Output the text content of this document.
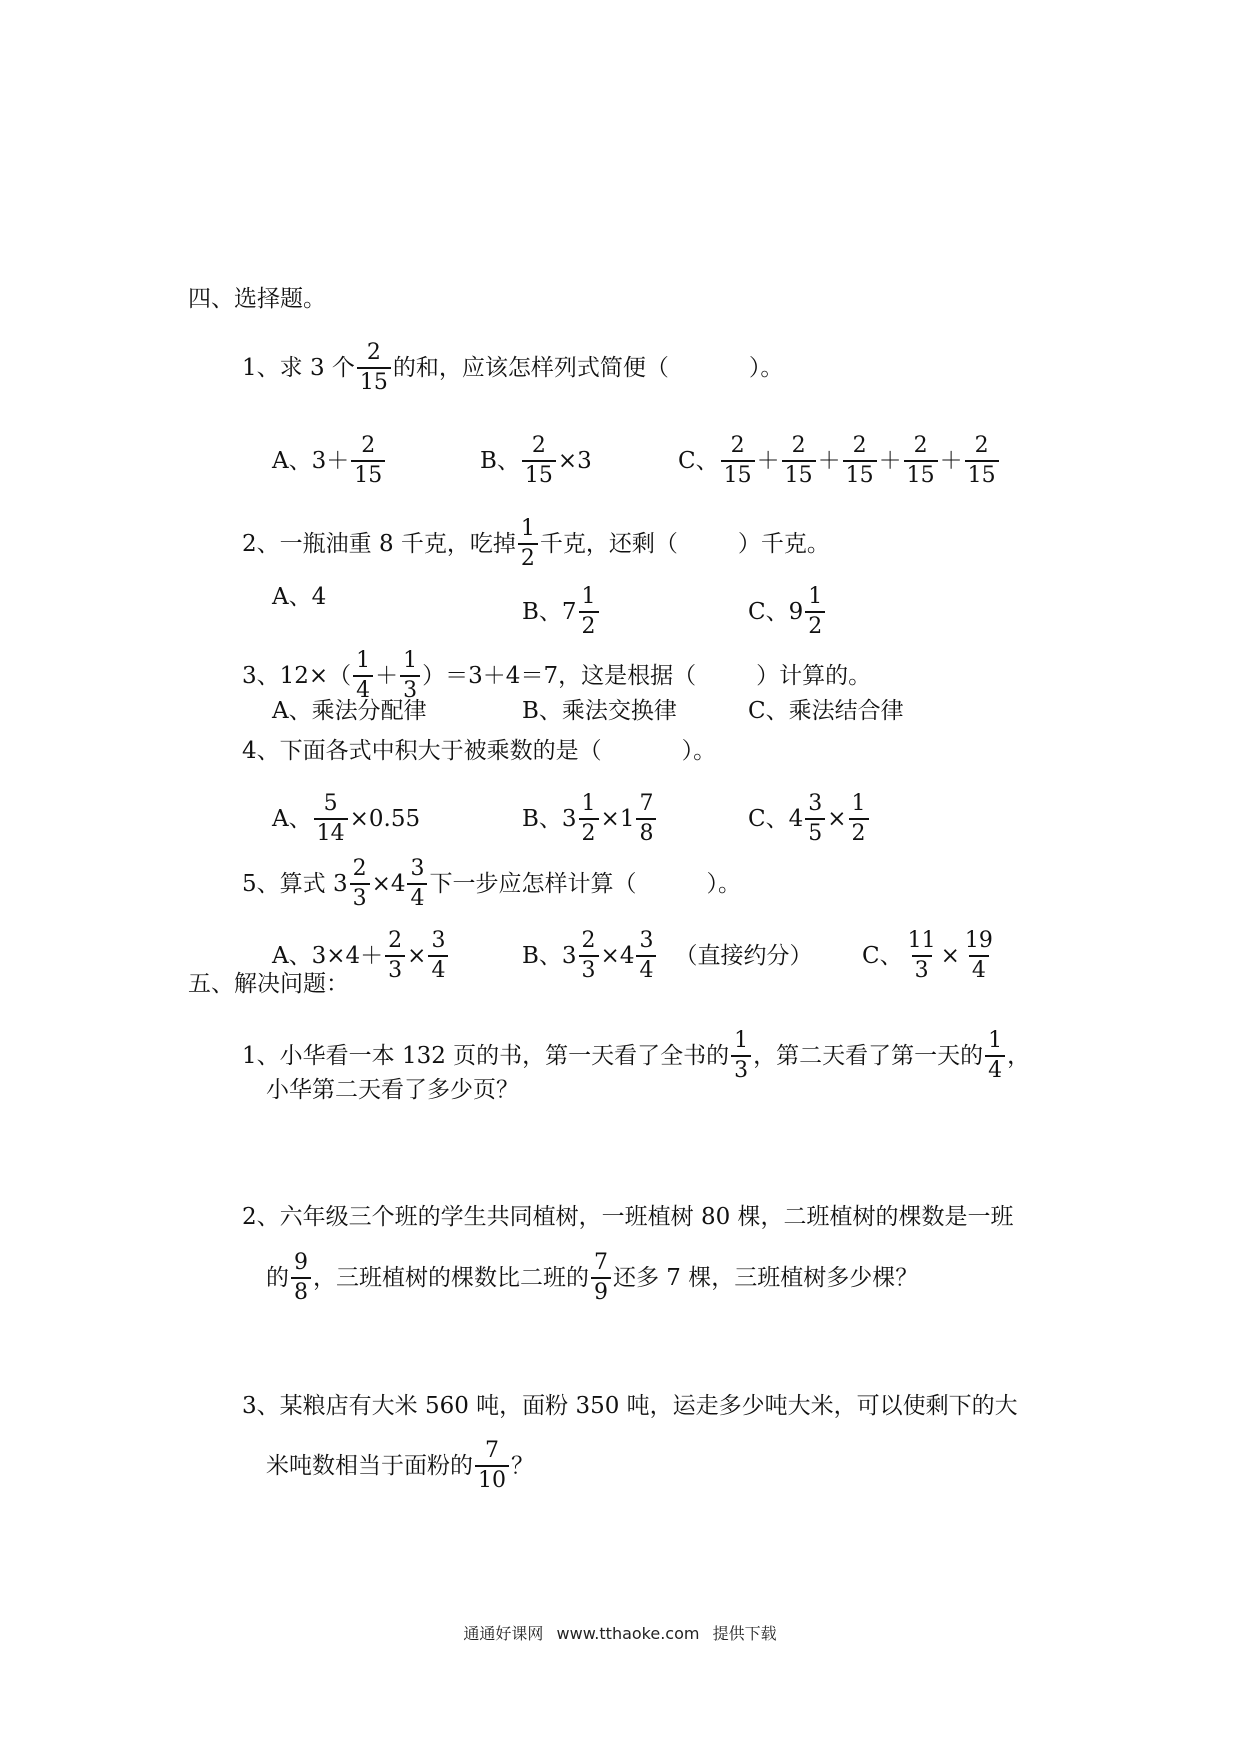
四、选择题。
1、求 3 个 $\frac{2}{15}$ 的和，应该怎样列式简便（	）。
A、 $3+ \frac{2}{15}$	B、 $\frac{2}{15} \times 3$	C、 $\frac{2}{15} + \frac{2}{15} + \frac{2}{15} + \frac{2}{15} + \frac{2}{15}$
2、一瓶油重 8 千克，吃掉 $\frac{1}{2}$ 千克，还剩（	）千克。
A、4
B、$7 \frac{1}{2}$	C、$9 \frac{1}{2}$
3、$12\times( \frac{1}{4} + \frac{1}{3} )=3+4=7$，这是根据（	）计算的。
A、乘法分配律	B、乘法交换律	C、乘法结合律
4、下面各式中积大于被乘数的是（	）。
A、 $\frac{5}{14} \times 0.55$	B、$3 \frac{1}{2} \times 1 \frac{7}{8}$	C、$4 \frac{3}{5} \times \frac{1}{2}$
5、算式 $3 \frac{2}{3} \times 4 \frac{3}{4}$ 下一步应怎样计算（	）。
A、$3\times 4+ \frac{2}{3} \times \frac{3}{4}$	B、$3 \frac{2}{3} \times 4 \frac{3}{4}$ （直接约分） C、 $\frac{11}{3} \times \frac{19}{4}$
五、解决问题：
1、小华看一本 132 页的书，第一天看了全书的 $\frac{1}{3}$ ，第二天看了第一天的 $\frac{1}{4}$ ，
小华第二天看了多少页？
2、六年级三个班的学生共同植树，一班植树 80 棵，二班植树的棵数是一班
的 $\frac{9}{8}$ ，三班植树的棵数比二班的 $\frac{7}{9}$ 还多 7 棵，三班植树多少棵？
3、某粮店有大米 560 吨，面粉 350 吨，运走多少吨大米，可以使剩下的大
米吨数相当于面粉的 $\frac{7}{10}$ ？
通通好课网 www.tthaoke.com 提供下载
